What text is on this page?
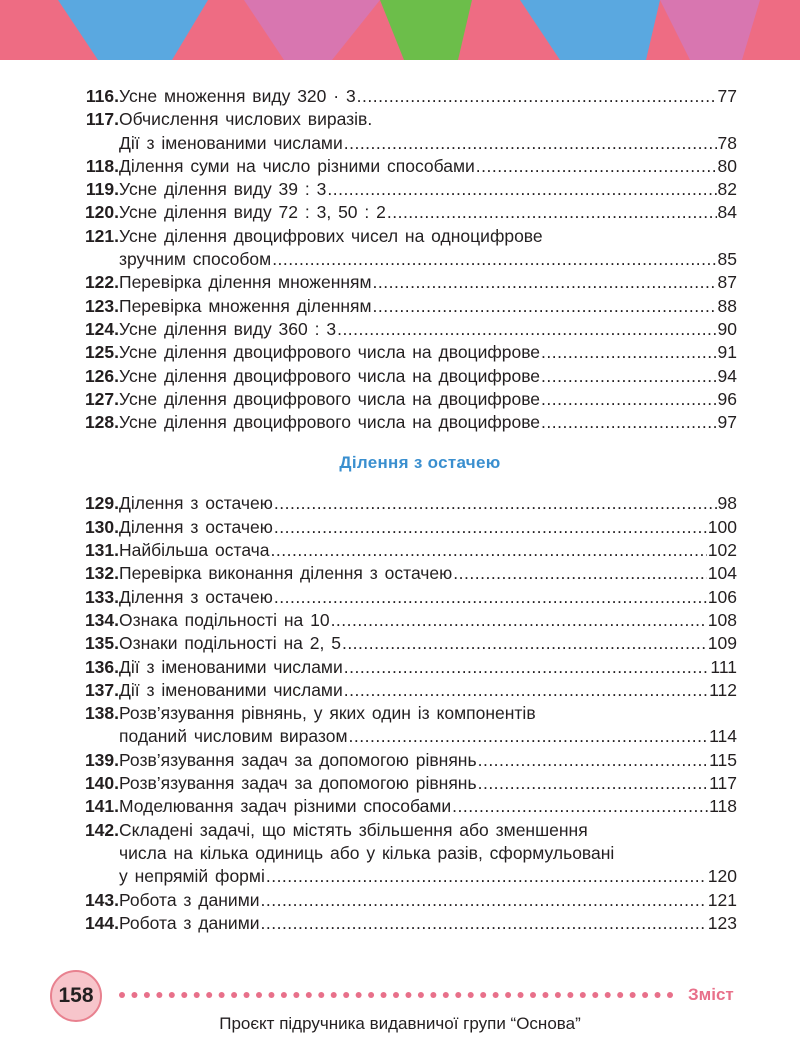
116. Усне множення виду 320 · 3 .....	77
117. Обчислення числових виразів.
Дії з іменованими числами .....	78
118. Ділення суми на число різними способами .....	80
119. Усне ділення виду 39 : 3 .....	82
120. Усне ділення виду 72 : 3, 50 : 2 .....	84
121. Усне ділення двоцифрових чисел на одноцифрове
зручним способом .....	85
122. Перевірка ділення множенням .....	87
123. Перевірка множення діленням .....	88
124. Усне ділення виду 360 : 3 .....	90
125. Усне ділення двоцифрового числа на двоцифрове .....	91
126. Усне ділення двоцифрового числа на двоцифрове .....	94
127. Усне ділення двоцифрового числа на двоцифрове .....	96
128. Усне ділення двоцифрового числа на двоцифрове .....	97
Ділення з остачею
129. Ділення з остачею .....	98
130. Ділення з остачею .....	100
131. Найбільша остача .....	102
132. Перевірка виконання ділення з остачею .....	104
133. Ділення з остачею .....	106
134. Ознака подільності на 10 .....	108
135. Ознаки подільності на 2, 5 .....	109
136. Дії з іменованими числами .....	111
137. Дії з іменованими числами .....	112
138. Розв’язування рівнянь, у яких один із компонентів
поданий числовим виразом .....	114
139. Розв’язування задач за допомогою рівнянь .....	115
140. Розв’язування задач за допомогою рівнянь .....	117
141. Моделювання задач різними способами .....	118
142. Складені задачі, що містять збільшення або зменшення
числа на кілька одиниць або у кілька разів, сформульовані
у непрямій формі .....	120
143. Робота з даними .....	121
144. Робота з даними .....	123
158	Зміст
Проєкт підручника видавничої групи “Основа”
